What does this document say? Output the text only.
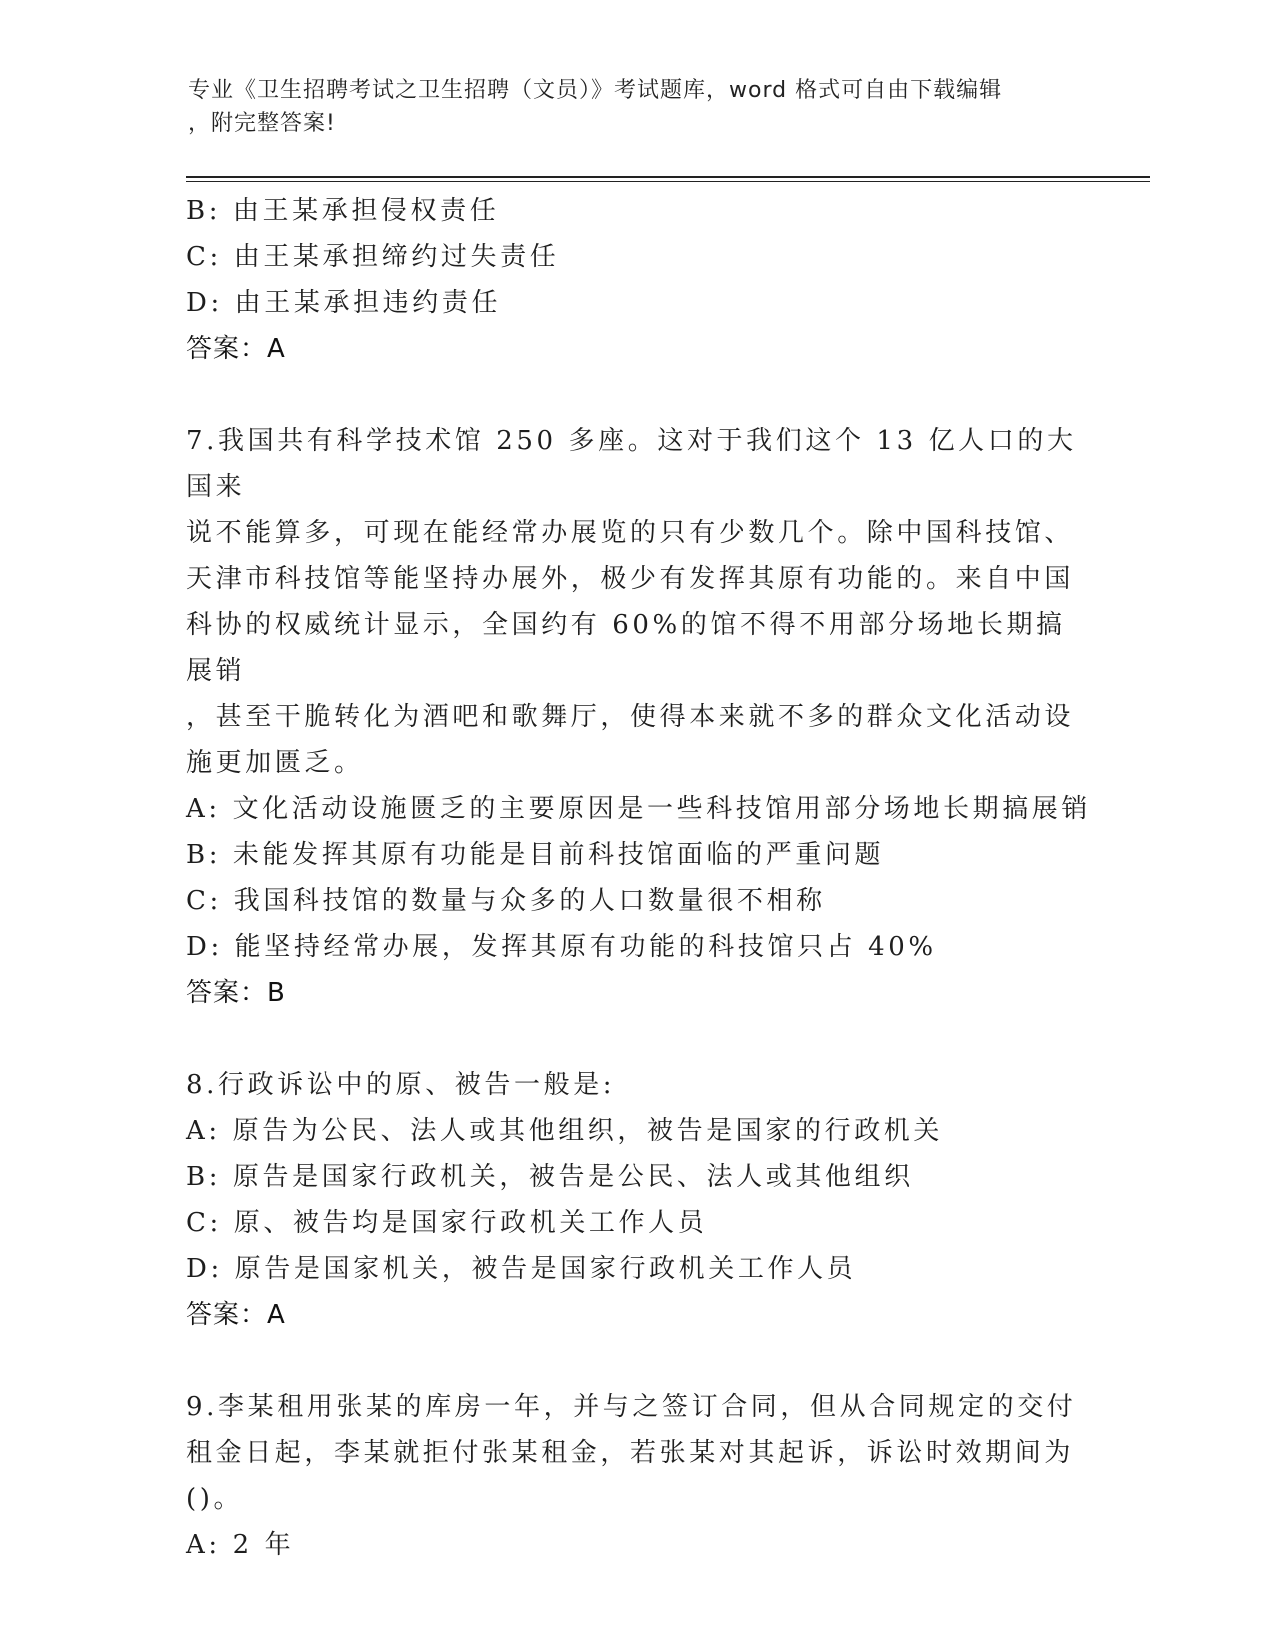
专业《卫生招聘考试之卫生招聘（文员）》考试题库，word 格式可自由下载编辑
，附完整答案!
B: 由王某承担侵权责任
C: 由王某承担缔约过失责任
D: 由王某承担违约责任
答案：A
7.我国共有科学技术馆 250 多座。这对于我们这个 13 亿人口的大国来
说不能算多，可现在能经常办展览的只有少数几个。除中国科技馆、
天津市科技馆等能坚持办展外，极少有发挥其原有功能的。来自中国
科协的权威统计显示，全国约有 60%的馆不得不用部分场地长期搞展销
，甚至干脆转化为酒吧和歌舞厅，使得本来就不多的群众文化活动设
施更加匮乏。
A: 文化活动设施匮乏的主要原因是一些科技馆用部分场地长期搞展销
B: 未能发挥其原有功能是目前科技馆面临的严重问题
C: 我国科技馆的数量与众多的人口数量很不相称
D: 能坚持经常办展，发挥其原有功能的科技馆只占 40%
答案：B
8.行政诉讼中的原、被告一般是:
A: 原告为公民、法人或其他组织，被告是国家的行政机关
B: 原告是国家行政机关，被告是公民、法人或其他组织
C: 原、被告均是国家行政机关工作人员
D: 原告是国家机关，被告是国家行政机关工作人员
答案：A
9.李某租用张某的库房一年，并与之签订合同，但从合同规定的交付
租金日起，李某就拒付张某租金，若张某对其起诉，诉讼时效期间为
()。
A: 2 年
